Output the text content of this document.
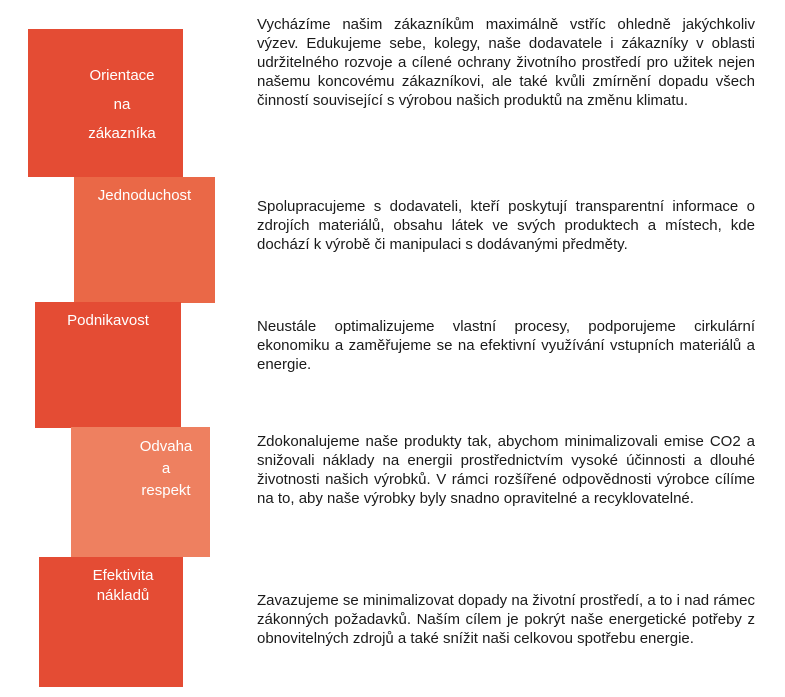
Orientace
na
zákazníka
Vycházíme našim zákazníkům maximálně vstříc ohledně jakýchkoliv výzev. Edukujeme sebe, kolegy, naše dodavatele i zákazníky v oblasti udržitelného rozvoje a cílené ochrany životního prostředí pro užitek nejen našemu koncovému zákazníkovi, ale také kvůli zmírnění dopadu všech činností související s výrobou našich produktů na změnu klimatu.
Jednoduchost
Spolupracujeme s dodavateli, kteří poskytují transparentní informace o zdrojích materiálů, obsahu látek ve svých produktech a místech, kde dochází k výrobě či manipulaci s dodávanými předměty.
Podnikavost	Neustále optimalizujeme vlastní procesy, podporujeme cirkulární ekonomiku a zaměřujeme se na efektivní využívání vstupních materiálů a energie.
Odvaha
a
respekt
Zdokonalujeme naše produkty tak, abychom minimalizovali emise CO2 a snižovali náklady na energii prostřednictvím vysoké účinnosti a dlouhé životnosti našich výrobků. V rámci rozšířené odpovědnosti výrobce cílíme na to, aby naše výrobky byly snadno opravitelné a recyklovatelné.
Efektivita
nákladů	Zavazujeme se minimalizovat dopady na životní prostředí, a to i nad rámec zákonných požadavků. Naším cílem je pokrýt naše energetické potřeby z obnovitelných zdrojů a také snížit naši celkovou spotřebu energie.
